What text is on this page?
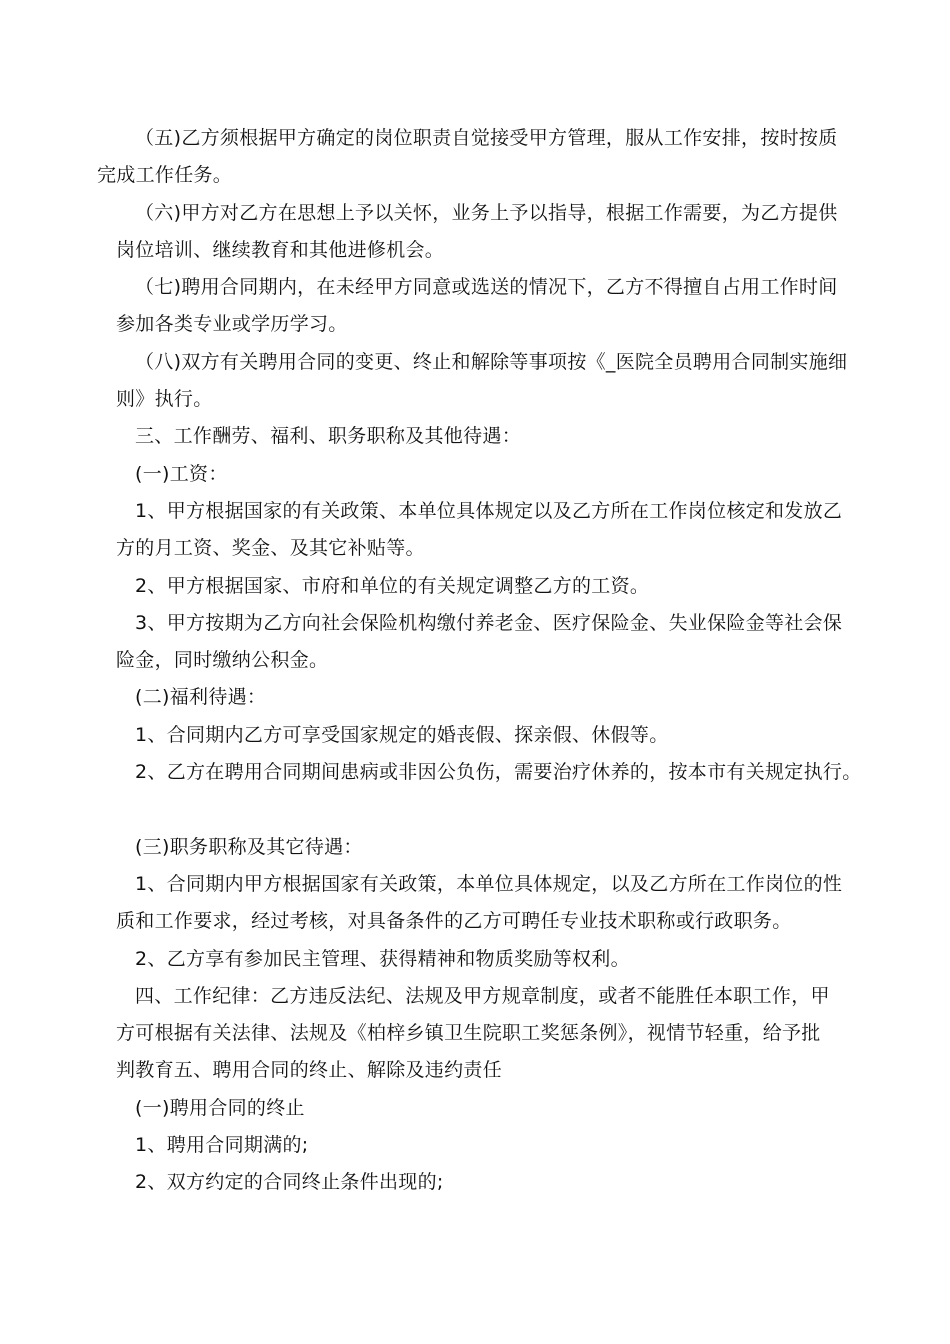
（五)乙方须根据甲方确定的岗位职责自觉接受甲方管理，服从工作安排，按时按质
完成工作任务。

（六)甲方对乙方在思想上予以关怀，业务上予以指导，根据工作需要，为乙方提供
岗位培训、继续教育和其他进修机会。

（七)聘用合同期内，在未经甲方同意或选送的情况下，乙方不得擅自占用工作时间
参加各类专业或学历学习。

（八)双方有关聘用合同的变更、终止和解除等事项按《_医院全员聘用合同制实施细
则》执行。

三、工作酬劳、福利、职务职称及其他待遇：

(一)工资：

1、甲方根据国家的有关政策、本单位具体规定以及乙方所在工作岗位核定和发放乙
方的月工资、奖金、及其它补贴等。

2、甲方根据国家、市府和单位的有关规定调整乙方的工资。

3、甲方按期为乙方向社会保险机构缴付养老金、医疗保险金、失业保险金等社会保
险金，同时缴纳公积金。

(二)福利待遇：

1、合同期内乙方可享受国家规定的婚丧假、探亲假、休假等。

2、乙方在聘用合同期间患病或非因公负伤，需要治疗休养的，按本市有关规定执行。

(三)职务职称及其它待遇：

1、合同期内甲方根据国家有关政策，本单位具体规定，以及乙方所在工作岗位的性
质和工作要求，经过考核，对具备条件的乙方可聘任专业技术职称或行政职务。

2、乙方享有参加民主管理、获得精神和物质奖励等权利。

四、工作纪律：乙方违反法纪、法规及甲方规章制度，或者不能胜任本职工作，甲
方可根据有关法律、法规及《柏梓乡镇卫生院职工奖惩条例》，视情节轻重，给予批
判教育五、聘用合同的终止、解除及违约责任

(一)聘用合同的终止

1、聘用合同期满的;

2、双方约定的合同终止条件出现的;
